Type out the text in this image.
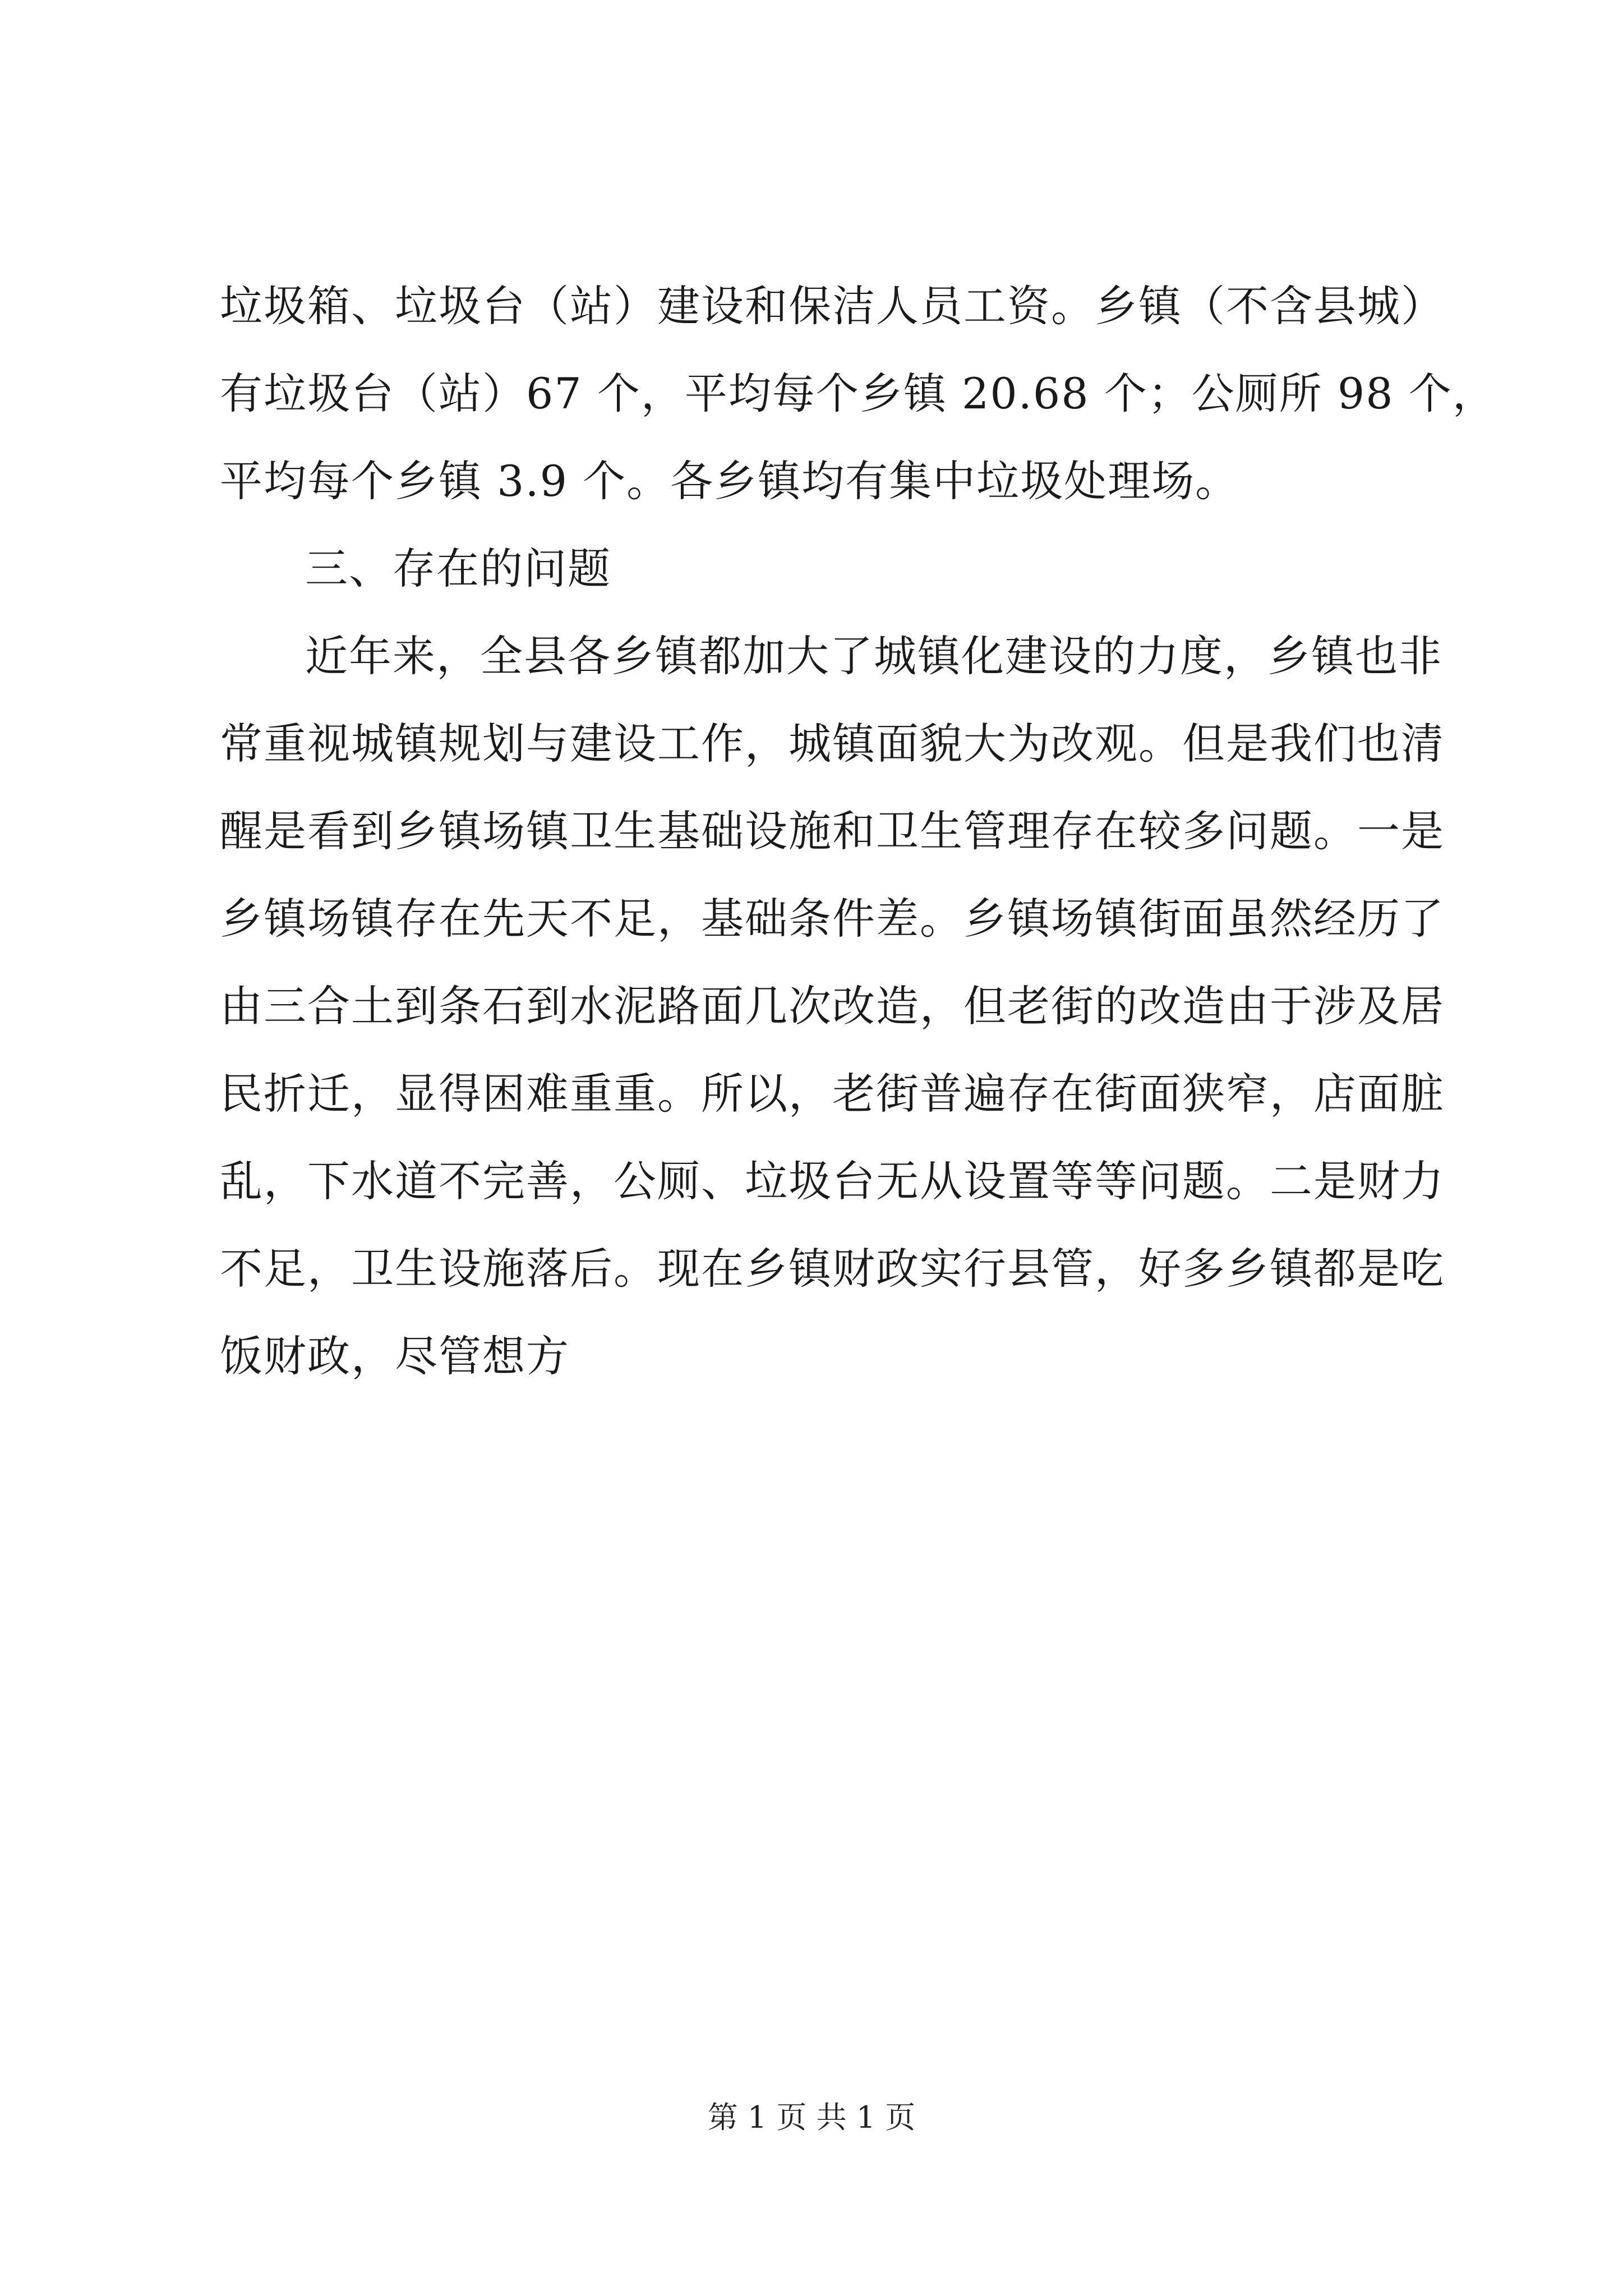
垃圾箱、垃圾台（站）建设和保洁人员工资。乡镇（不含县城）
有垃圾台（站）67 个，平均每个乡镇 20.68 个；公厕所 98 个，
平均每个乡镇 3.9 个。各乡镇均有集中垃圾处理场。
三、存在的问题
近年来，全县各乡镇都加大了城镇化建设的力度，乡镇也非
常重视城镇规划与建设工作，城镇面貌大为改观。但是我们也清
醒是看到乡镇场镇卫生基础设施和卫生管理存在较多问题。一是
乡镇场镇存在先天不足，基础条件差。乡镇场镇街面虽然经历了
由三合土到条石到水泥路面几次改造，但老街的改造由于涉及居
民折迁，显得困难重重。所以，老街普遍存在街面狭窄，店面脏
乱，下水道不完善，公厕、垃圾台无从设置等等问题。二是财力
不足，卫生设施落后。现在乡镇财政实行县管，好多乡镇都是吃
饭财政，尽管想方
第 1 页 共 1 页
